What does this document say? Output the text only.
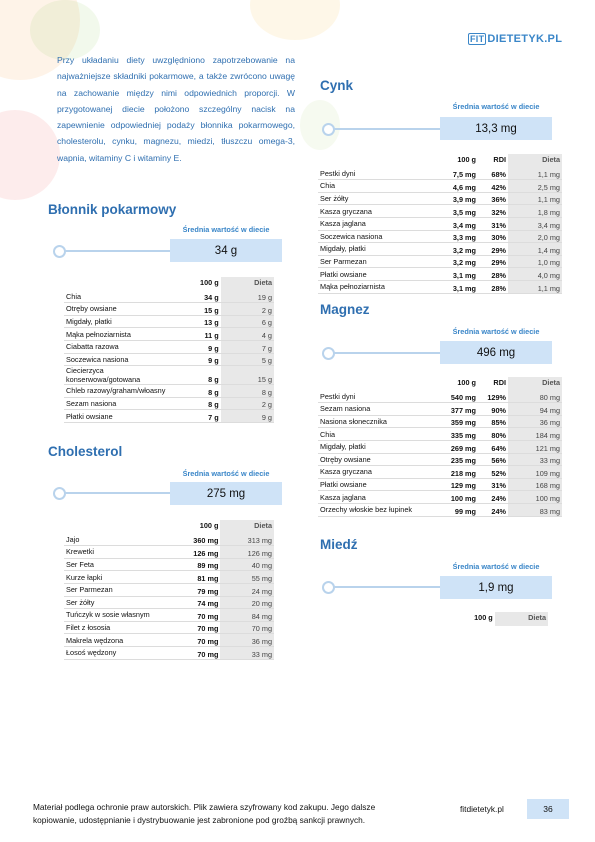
FIT DIETETYK.PL
Przy układaniu diety uwzględniono zapotrzebowanie na najważniejsze składniki pokarmowe, a także zwrócono uwagę na zachowanie między nimi odpowiednich proporcji. W przygotowanej diecie położono szczególny nacisk na zapewnienie odpowiedniej podaży błonnika pokarmowego, cholesterolu, cynku, magnezu, miedzi, tłuszczu omega-3, wapnia, witaminy C i witaminy E.
Błonnik pokarmowy
Średnia wartość w diecie
34 g
	100 g	Dieta
Chia	34 g	19 g
Otręby owsiane	15 g	2 g
Migdały, płatki	13 g	6 g
Mąka pełnoziarnista	11 g	4 g
Ciabatta razowa	9 g	7 g
Soczewica nasiona	9 g	5 g
Ciecierzyca konserwowa/gotowana	8 g	15 g
Chleb razowy/graham/włoasny	8 g	8 g
Sezam nasiona	8 g	2 g
Płatki owsiane	7 g	9 g
Cholesterol
Średnia wartość w diecie
275 mg
	100 g	Dieta
Jajo	360 mg	313 mg
Krewetki	126 mg	126 mg
Ser Feta	89 mg	40 mg
Kurze łapki	81 mg	55 mg
Ser Parmezan	79 mg	24 mg
Ser żółty	74 mg	20 mg
Tuńczyk w sosie własnym	70 mg	84 mg
Filet z łososia	70 mg	70 mg
Makrela wędzona	70 mg	36 mg
Łosoś wędzony	70 mg	33 mg
Cynk
Średnia wartość w diecie
13,3 mg
	100 g	RDI	Dieta
Pestki dyni	7,5 mg	68%	1,1 mg
Chia	4,6 mg	42%	2,5 mg
Ser żółty	3,9 mg	36%	1,1 mg
Kasza gryczana	3,5 mg	32%	1,8 mg
Kasza jaglana	3,4 mg	31%	3,4 mg
Soczewica nasiona	3,3 mg	30%	2,0 mg
Migdały, płatki	3,2 mg	29%	1,4 mg
Ser Parmezan	3,2 mg	29%	1,0 mg
Płatki owsiane	3,1 mg	28%	4,0 mg
Mąka pełnoziarnista	3,1 mg	28%	1,1 mg
Magnez
Średnia wartość w diecie
496 mg
	100 g	RDI	Dieta
Pestki dyni	540 mg	129%	80 mg
Sezam nasiona	377 mg	90%	94 mg
Nasiona słonecznika	359 mg	85%	36 mg
Chia	335 mg	80%	184 mg
Migdały, płatki	269 mg	64%	121 mg
Otręby owsiane	235 mg	56%	33 mg
Kasza gryczana	218 mg	52%	109 mg
Płatki owsiane	129 mg	31%	168 mg
Kasza jaglana	100 mg	24%	100 mg
Orzechy włoskie bez łupinek	99 mg	24%	83 mg
Miedź
Średnia wartość w diecie
1,9 mg
100 g	Dieta
Materiał podlega ochronie praw autorskich. Plik zawiera szyfrowany kod zakupu. Jego dalsze kopiowanie, udostępnianie i dystrybuowanie jest zabronione pod groźbą sankcji prawnych.
fitdietetyk.pl	36
